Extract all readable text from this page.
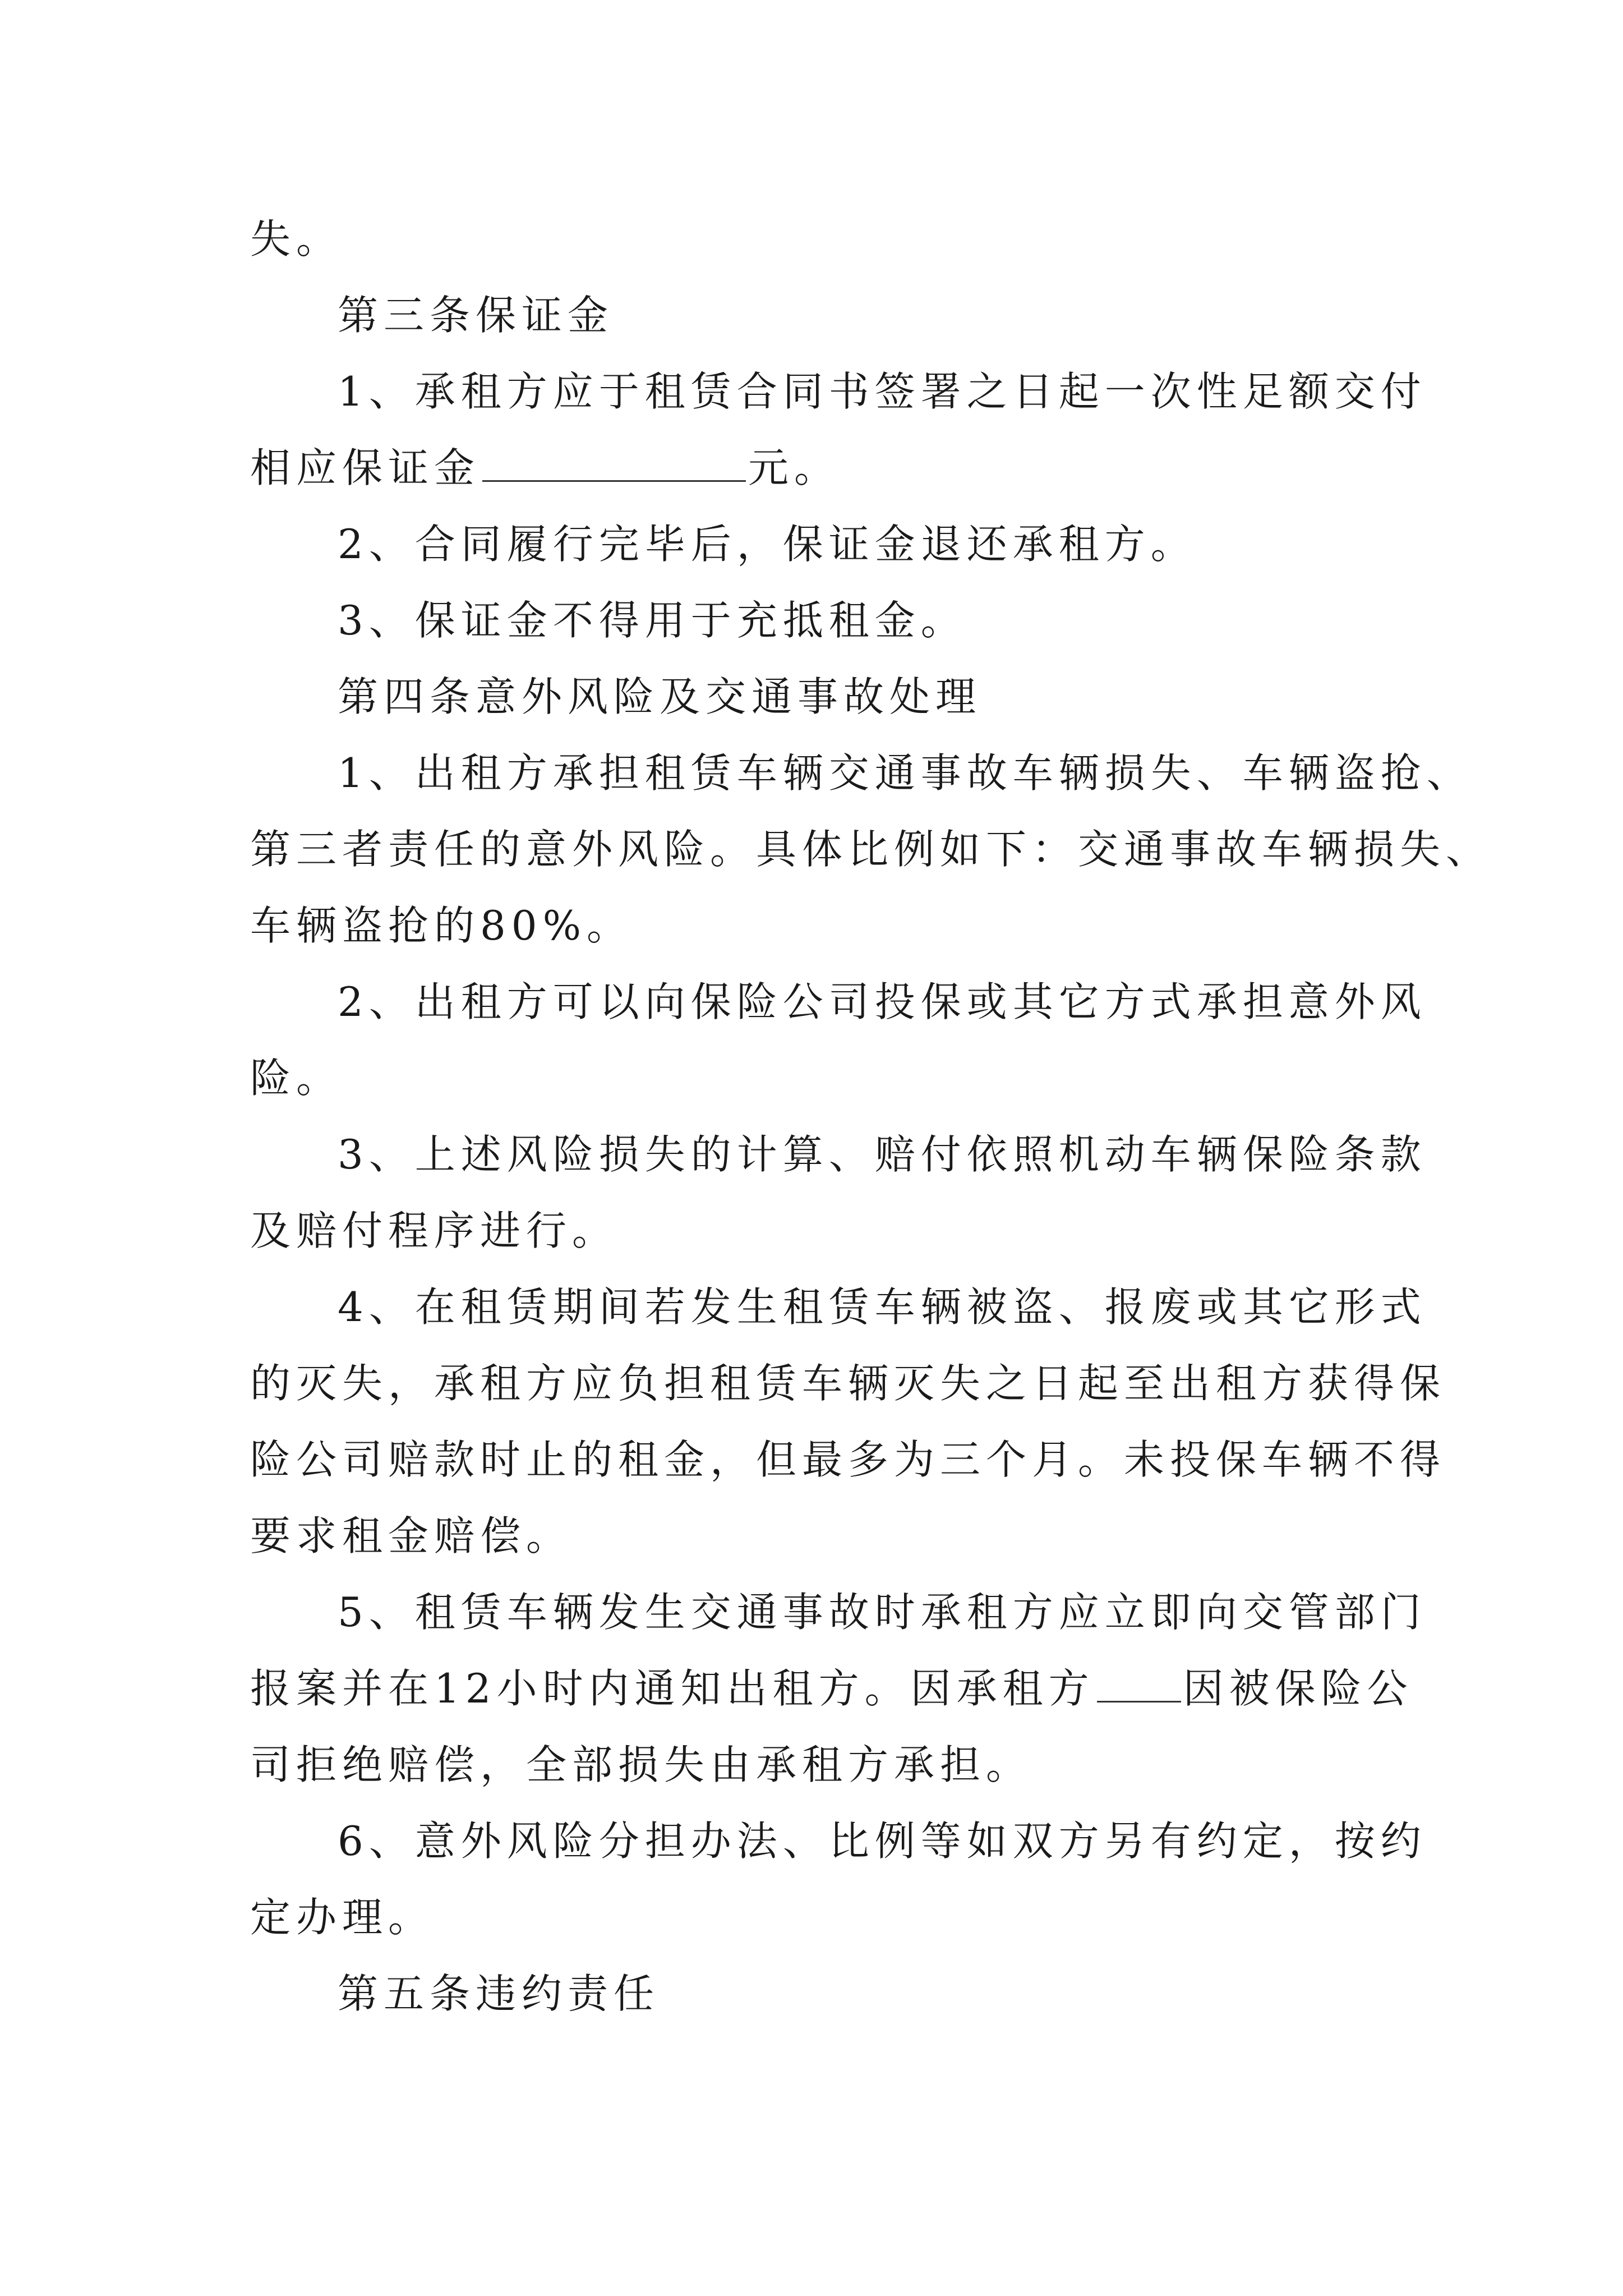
失。
第三条保证金
1、承租方应于租赁合同书签署之日起一次性足额交付
相应保证金	元。
2、合同履行完毕后，保证金退还承租方。
3、保证金不得用于充抵租金。
第四条意外风险及交通事故处理
1、出租方承担租赁车辆交通事故车辆损失、车辆盗抢、
第三者责任的意外风险。具体比例如下：交通事故车辆损失、
车辆盗抢的80%。
2、出租方可以向保险公司投保或其它方式承担意外风
险。
3、上述风险损失的计算、赔付依照机动车辆保险条款
及赔付程序进行。
4、在租赁期间若发生租赁车辆被盗、报废或其它形式
的灭失，承租方应负担租赁车辆灭失之日起至出租方获得保
险公司赔款时止的租金，但最多为三个月。未投保车辆不得
要求租金赔偿。
5、租赁车辆发生交通事故时承租方应立即向交管部门
报案并在12小时内通知出租方。因承租方 因被保险公
司拒绝赔偿，全部损失由承租方承担。
6、意外风险分担办法、比例等如双方另有约定，按约
定办理。
第五条违约责任
